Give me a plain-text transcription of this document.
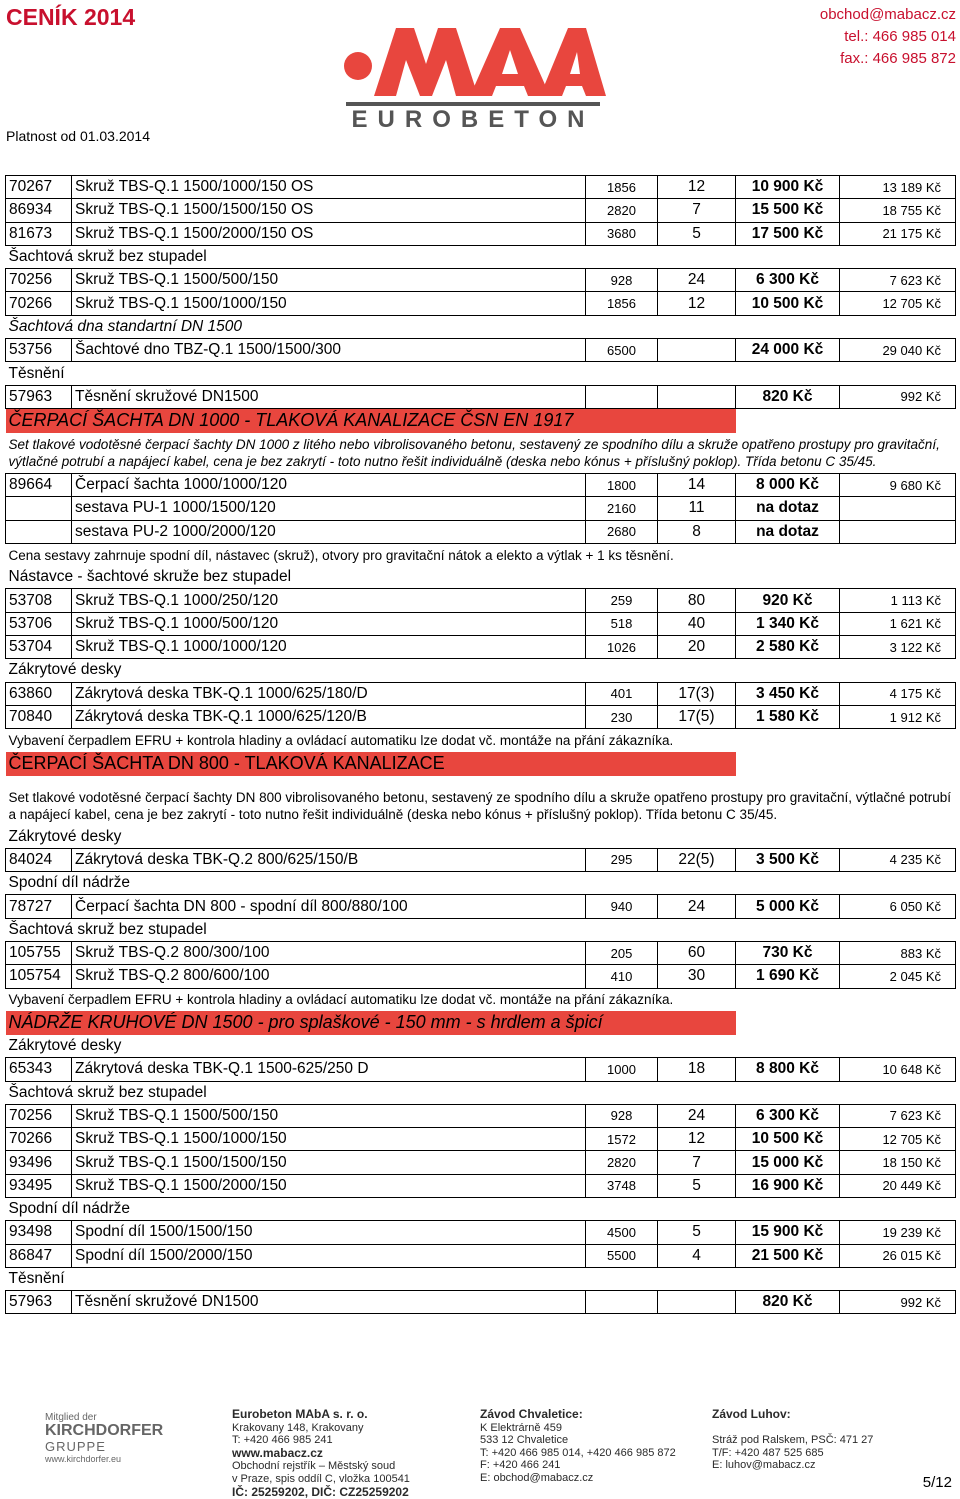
CENÍK 2014
Platnost od 01.03.2014
obchod@mabacz.cz
tel.: 466 985 014
fax.: 466 985 872
EUROBETON
70267	Skruž TBS-Q.1 1500/1000/150 OS	1856	12	10 900 Kč	13 189 Kč
86934	Skruž TBS-Q.1 1500/1500/150 OS	2820	7	15 500 Kč	18 755 Kč
81673	Skruž TBS-Q.1 1500/2000/150 OS	3680	5	17 500 Kč	21 175 Kč
Šachtová skruž bez stupadel					
70256	Skruž TBS-Q.1 1500/500/150	928	24	6 300 Kč	7 623 Kč
70266	Skruž TBS-Q.1 1500/1000/150	1856	12	10 500 Kč	12 705 Kč
Šachtová dna standartní DN 1500					
53756	Šachtové dno TBZ-Q.1 1500/1500/300	6500		24 000 Kč	29 040 Kč
Těsnění					
57963	Těsnění skružové DN1500			820 Kč	992 Kč
ČERPACÍ ŠACHTA DN 1000 - TLAKOVÁ KANALIZACE ČSN EN 1917					
Set tlakové vodotěsné čerpací šachty DN 1000 z litého nebo vibrolisovaného betonu, sestavený ze spodního dílu a skruže opatřeno prostupy pro gravitační, výtlačné potrubí a napájecí kabel, cena je bez zakrytí - toto nutno řešit individuálně (deska nebo kónus + příslušný poklop). Třída betonu C 35/45.					
89664	Čerpací šachta 1000/1000/120	1800	14	8 000 Kč	9 680 Kč
	sestava PU-1 1000/1500/120	2160	11	na dotaz	
	sestava PU-2 1000/2000/120	2680	8	na dotaz	
Cena sestavy zahrnuje spodní díl, nástavec (skruž), otvory pro gravitační nátok a elekto a výtlak + 1 ks těsnění.					
Nástavce - šachtové skruže bez stupadel					
53708	Skruž TBS-Q.1 1000/250/120	259	80	920 Kč	1 113 Kč
53706	Skruž TBS-Q.1 1000/500/120	518	40	1 340 Kč	1 621 Kč
53704	Skruž TBS-Q.1 1000/1000/120	1026	20	2 580 Kč	3 122 Kč
Zákrytové desky					
63860	Zákrytová deska TBK-Q.1 1000/625/180/D	401	17(3)	3 450 Kč	4 175 Kč
70840	Zákrytová deska TBK-Q.1 1000/625/120/B	230	17(5)	1 580 Kč	1 912 Kč
Vybavení čerpadlem EFRU + kontrola hladiny a ovládací automatiku lze dodat vč. montáže na přání zákazníka.					
ČERPACÍ ŠACHTA DN 800 - TLAKOVÁ KANALIZACE					

Set tlakové vodotěsné čerpací šachty DN 800 vibrolisovaného betonu, sestavený ze spodního dílu a skruže opatřeno prostupy pro gravitační, výtlačné potrubí a napájecí kabel, cena je bez zakrytí - toto nutno řešit individuálně (deska nebo kónus + příslušný poklop). Třída betonu C 35/45.					
Zákrytové desky					
84024	Zákrytová deska TBK-Q.2 800/625/150/B	295	22(5)	3 500 Kč	4 235 Kč
Spodní díl nádrže					
78727	Čerpací šachta DN 800 - spodní díl 800/880/100	940	24	5 000 Kč	6 050 Kč
Šachtová skruž bez stupadel					
105755	Skruž TBS-Q.2 800/300/100	205	60	730 Kč	883 Kč
105754	Skruž TBS-Q.2 800/600/100	410	30	1 690 Kč	2 045 Kč
Vybavení čerpadlem EFRU + kontrola hladiny a ovládací automatiku lze dodat vč. montáže na přání zákazníka.					
NÁDRŽE KRUHOVÉ DN 1500 - pro splaškové - 150 mm - s hrdlem a špicí					
Zákrytové desky					
65343	Zákrytová deska TBK-Q.1 1500-625/250 D	1000	18	8 800 Kč	10 648 Kč
Šachtová skruž bez stupadel					
70256	Skruž TBS-Q.1 1500/500/150	928	24	6 300 Kč	7 623 Kč
70266	Skruž TBS-Q.1 1500/1000/150	1572	12	10 500 Kč	12 705 Kč
93496	Skruž TBS-Q.1 1500/1500/150	2820	7	15 000 Kč	18 150 Kč
93495	Skruž TBS-Q.1 1500/2000/150	3748	5	16 900 Kč	20 449 Kč
Spodní díl nádrže					
93498	Spodní díl 1500/1500/150	4500	5	15 900 Kč	19 239 Kč
86847	Spodní díl 1500/2000/150	5500	4	21 500 Kč	26 015 Kč
Těsnění					
57963	Těsnění skružové DN1500			820 Kč	992 Kč
Mitglied der
KIRCHDORFER
GRUPPE
www.kirchdorfer.eu
Eurobeton MAbA s. r. o.
Krakovany 148, Krakovany
T: +420 466 985 241
www.mabacz.cz
Obchodní rejstřík – Městský soud
v Praze, spis oddíl C, vložka 100541
IČ: 25259202, DIČ: CZ25259202
Závod Chvaletice:
K Elektrárně 459
533 12 Chvaletice
T: +420 466 985 014, +420 466 985 872
F: +420 466 241
E: obchod@mabacz.cz
Závod Luhov:
Stráž pod Ralskem, PSČ: 471 27
T/F: +420 487 525 685
E: luhov@mabacz.cz
5/12
